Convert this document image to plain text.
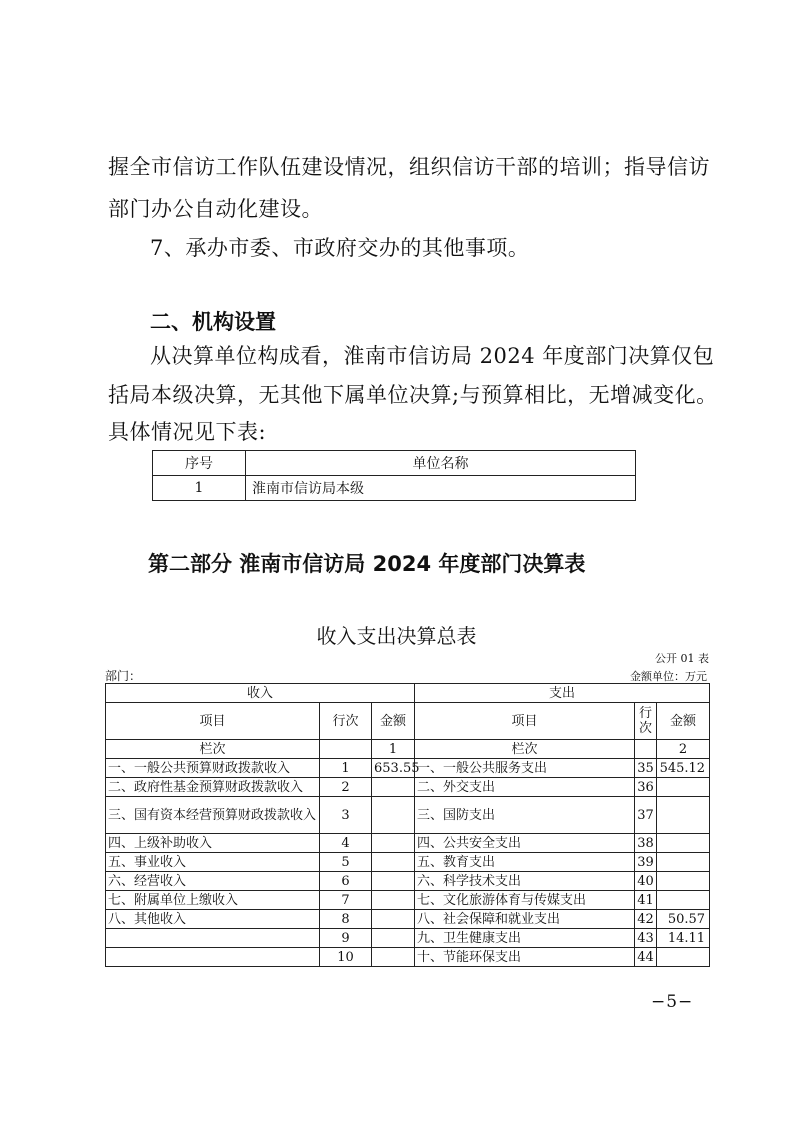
握全市信访工作队伍建设情况，组织信访干部的培训；指导信访
部门办公自动化建设。
7、承办市委、市政府交办的其他事项。
二、机构设置
从决算单位构成看，淮南市信访局 2024 年度部门决算仅包
括局本级决算，无其他下属单位决算;与预算相比，无增减变化。
具体情况见下表:
序号	单位名称
1	淮南市信访局本级
第二部分 淮南市信访局 2024 年度部门决算表
收入支出决算总表
公开 01 表
部门：	金额单位：万元
收入			支出		
项目	行次	金额	项目	行次	金额
栏次		1	栏次		2
一、一般公共预算财政拨款收入	1	653.55	一、一般公共服务支出	35	545.12
二、政府性基金预算财政拨款收入	2		二、外交支出	36	
三、国有资本经营预算财政拨款收入	3		三、国防支出	37	
四、上级补助收入	4		四、公共安全支出	38	
五、事业收入	5		五、教育支出	39	
六、经营收入	6		六、科学技术支出	40	
七、附属单位上缴收入	7		七、文化旅游体育与传媒支出	41	
八、其他收入	8		八、社会保障和就业支出	42	50.57
	9		九、卫生健康支出	43	14.11
	10		十、节能环保支出	44	
−5−
